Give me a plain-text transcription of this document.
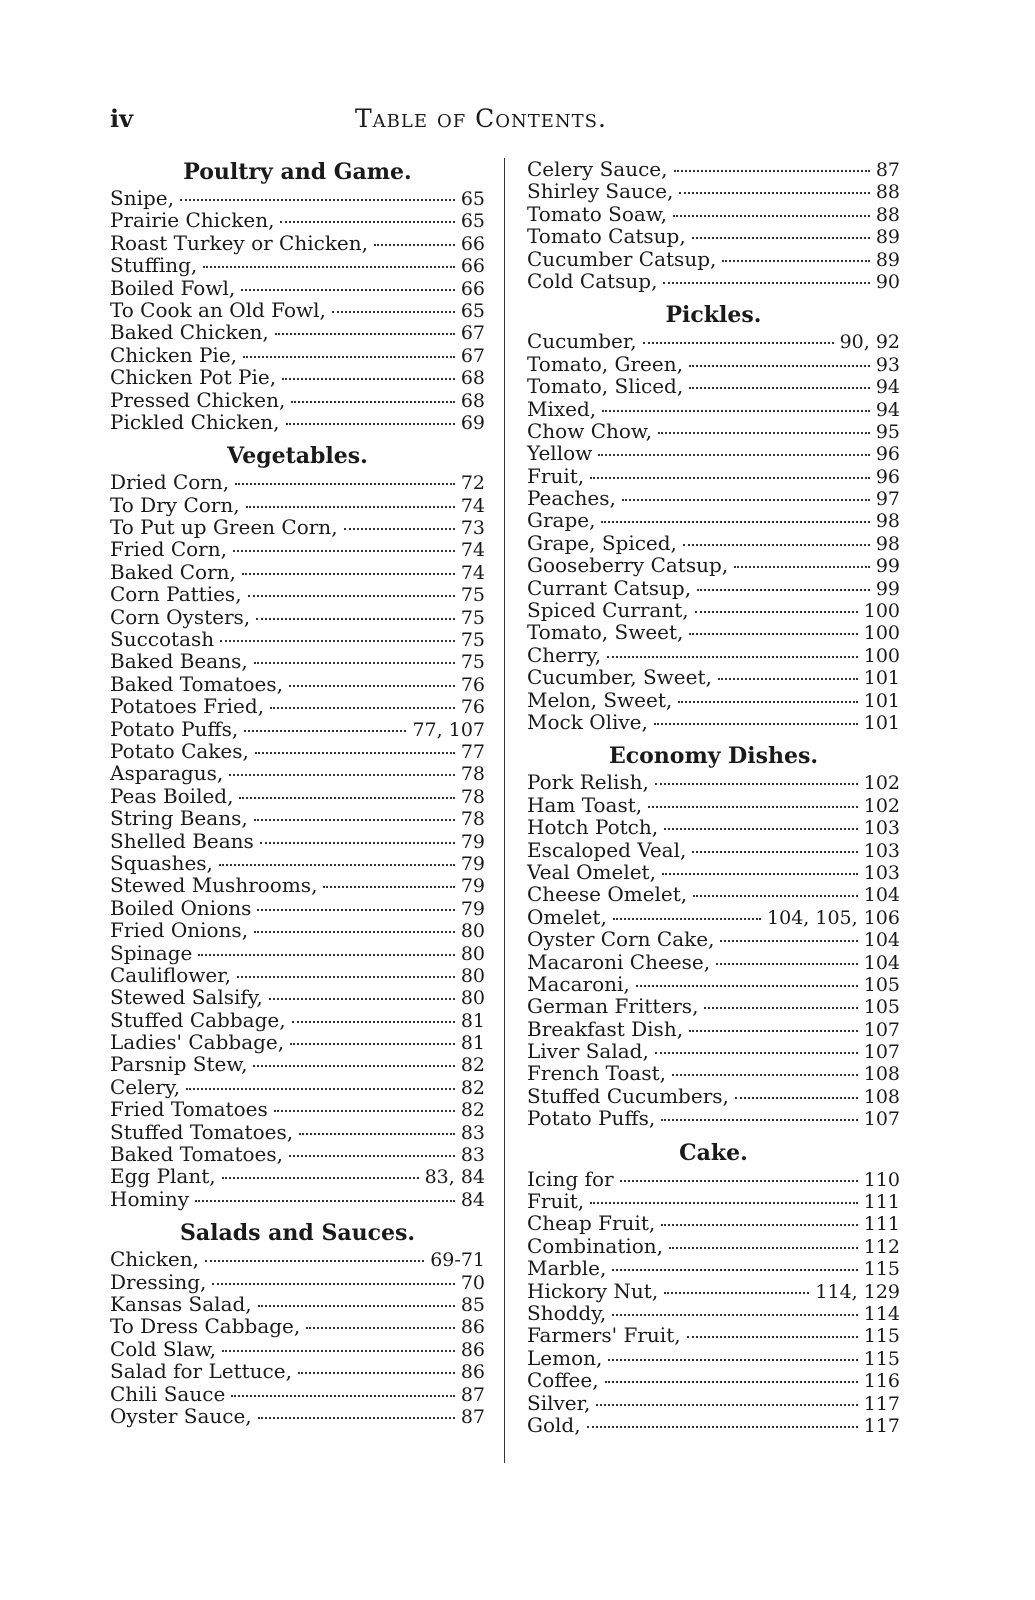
iv	Table of Contents.
Poultry and Game.
Snipe,	65
Prairie Chicken,	65
Roast Turkey or Chicken,	66
Stuffing,	66
Boiled Fowl,	66
To Cook an Old Fowl,	65
Baked Chicken,	67
Chicken Pie,	67
Chicken Pot Pie,	68
Pressed Chicken,	68
Pickled Chicken,	69
Vegetables.
Dried Corn,	72
To Dry Corn,	74
To Put up Green Corn,	73
Fried Corn,	74
Baked Corn,	74
Corn Patties,	75
Corn Oysters,	75
Succotash	75
Baked Beans,	75
Baked Tomatoes,	76
Potatoes Fried,	76
Potato Puffs,	77, 107
Potato Cakes,	77
Asparagus,	78
Peas Boiled,	78
String Beans,	78
Shelled Beans	79
Squashes,	79
Stewed Mushrooms,	79
Boiled Onions	79
Fried Onions,	80
Spinage	80
Cauliflower,	80
Stewed Salsify,	80
Stuffed Cabbage,	81
Ladies' Cabbage,	81
Parsnip Stew,	82
Celery,	82
Fried Tomatoes	82
Stuffed Tomatoes,	83
Baked Tomatoes,	83
Egg Plant,	83, 84
Hominy	84
Salads and Sauces.
Chicken,	69-71
Dressing,	70
Kansas Salad,	85
To Dress Cabbage,	86
Cold Slaw,	86
Salad for Lettuce,	86
Chili Sauce	87
Oyster Sauce,	87
Celery Sauce,	87
Shirley Sauce,	88
Tomato Soaw,	88
Tomato Catsup,	89
Cucumber Catsup,	89
Cold Catsup,	90
Pickles.
Cucumber,	90, 92
Tomato, Green,	93
Tomato, Sliced,	94
Mixed,	94
Chow Chow,	95
Yellow	96
Fruit,	96
Peaches,	97
Grape,	98
Grape, Spiced,	98
Gooseberry Catsup,	99
Currant Catsup,	99
Spiced Currant,	100
Tomato, Sweet,	100
Cherry,	100
Cucumber, Sweet,	101
Melon, Sweet,	101
Mock Olive,	101
Economy Dishes.
Pork Relish,	102
Ham Toast,	102
Hotch Potch,	103
Escaloped Veal,	103
Veal Omelet,	103
Cheese Omelet,	104
Omelet,	104, 105, 106
Oyster Corn Cake,	104
Macaroni Cheese,	104
Macaroni,	105
German Fritters,	105
Breakfast Dish,	107
Liver Salad,	107
French Toast,	108
Stuffed Cucumbers,	108
Potato Puffs,	107
Cake.
Icing for	110
Fruit,	111
Cheap Fruit,	111
Combination,	112
Marble,	115
Hickory Nut,	114, 129
Shoddy,	114
Farmers' Fruit,	115
Lemon,	115
Coffee,	116
Silver,	117
Gold,	117
